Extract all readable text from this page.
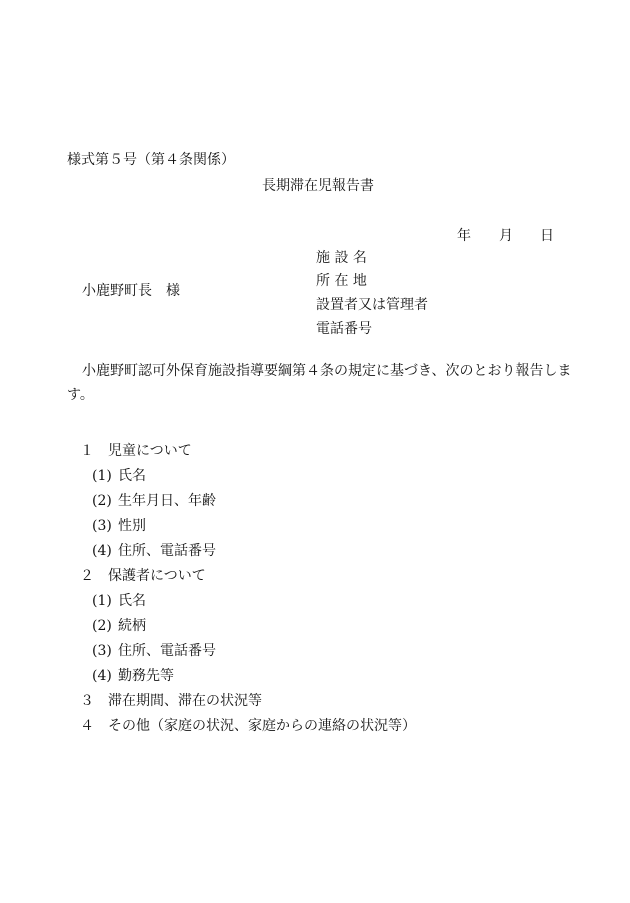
様式第５号（第４条関係）
長期滞在児報告書
年 月 日
小鹿野町長　様
施 設 名
所 在 地
設置者又は管理者
電話番号
小鹿野町認可外保育施設指導要綱第４条の規定に基づき、次のとおり報告しま
す。
１ 児童について
(1) 氏名
(2) 生年月日、年齢
(3) 性別
(4) 住所、電話番号
２ 保護者について
(1) 氏名
(2) 続柄
(3) 住所、電話番号
(4) 勤務先等
３ 滞在期間、滞在の状況等
４ その他（家庭の状況、家庭からの連絡の状況等）
